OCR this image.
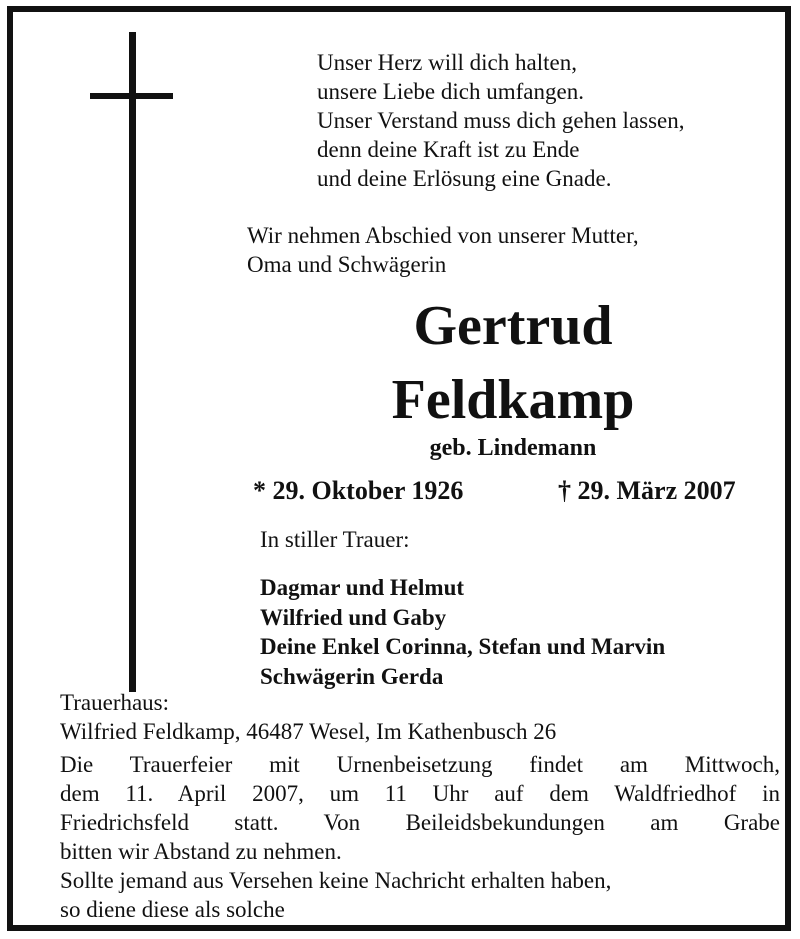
Unser Herz will dich halten,
unsere Liebe dich umfangen.
Unser Verstand muss dich gehen lassen,
denn deine Kraft ist zu Ende
und deine Erlösung eine Gnade.
Wir nehmen Abschied von unserer Mutter,
Oma und Schwägerin
Gertrud
Feldkamp
geb. Lindemann
* 29. Oktober 1926	† 29. März 2007
In stiller Trauer:
Dagmar und Helmut
Wilfried und Gaby
Deine Enkel Corinna, Stefan und Marvin
Schwägerin Gerda
Trauerhaus:
Wilfried Feldkamp, 46487 Wesel, Im Kathenbusch 26
Die Trauerfeier mit Urnenbeisetzung findet am Mittwoch,
dem 11. April 2007, um 11 Uhr auf dem Waldfriedhof in
Friedrichsfeld statt. Von Beileidsbekundungen am Grabe
bitten wir Abstand zu nehmen.
Sollte jemand aus Versehen keine Nachricht erhalten haben,
so diene diese als solche
